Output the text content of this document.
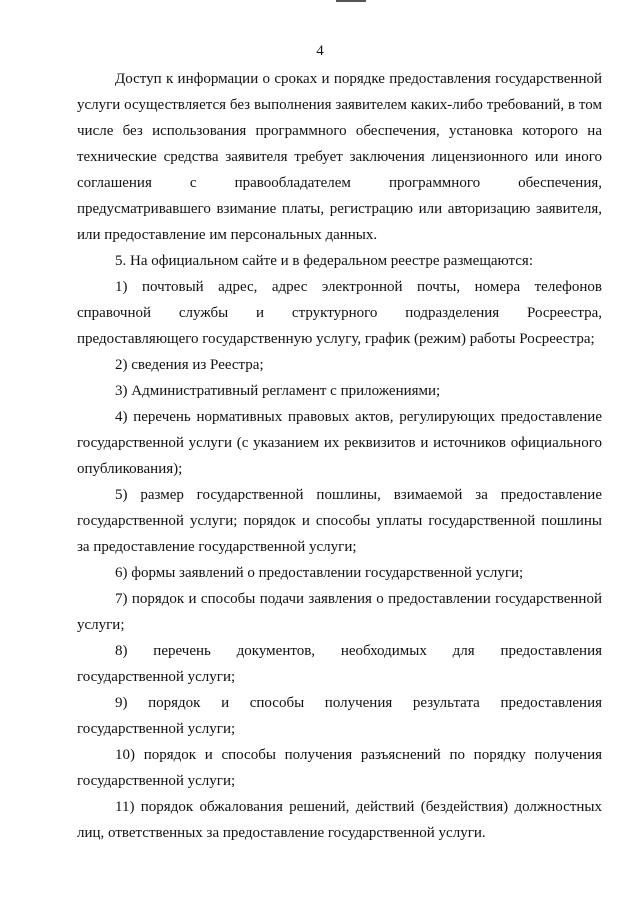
4

Доступ к информации о сроках и порядке предоставления государственной услуги осуществляется без выполнения заявителем каких-либо требований, в том числе без использования программного обеспечения, установка которого на технические средства заявителя требует заключения лицензионного или иного соглашения с правообладателем программного обеспечения, предусматривавшего взимание платы, регистрацию или авторизацию заявителя, или предоставление им персональных данных.

5. На официальном сайте и в федеральном реестре размещаются:

1) почтовый адрес, адрес электронной почты, номера телефонов справочной службы и структурного подразделения Росреестра, предоставляющего государственную услугу, график (режим) работы Росреестра;

2) сведения из Реестра;

3) Административный регламент с приложениями;

4) перечень нормативных правовых актов, регулирующих предоставление государственной услуги (с указанием их реквизитов и источников официального опубликования);

5) размер государственной пошлины, взимаемой за предоставление государственной услуги; порядок и способы уплаты государственной пошлины за предоставление государственной услуги;

6) формы заявлений о предоставлении государственной услуги;

7) порядок и способы подачи заявления о предоставлении государственной услуги;

8) перечень документов, необходимых для предоставления государственной услуги;

9) порядок и способы получения результата предоставления государственной услуги;

10) порядок и способы получения разъяснений по порядку получения государственной услуги;

11) порядок обжалования решений, действий (бездействия) должностных лиц, ответственных за предоставление государственной услуги.
